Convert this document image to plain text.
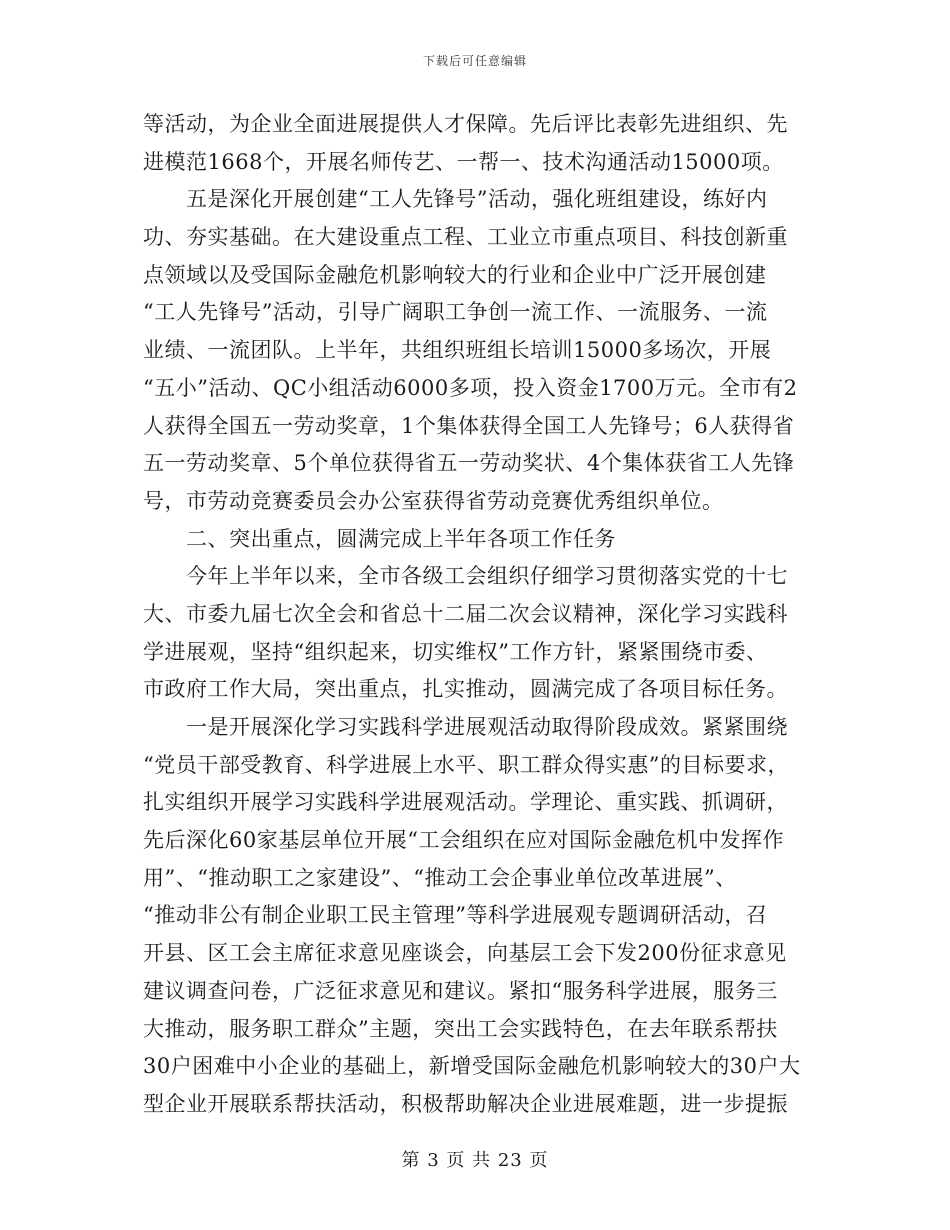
下载后可任意编辑
等活动，为企业全面进展提供人才保障。先后评比表彰先进组织、先
进模范1668个，开展名师传艺、一帮一、技术沟通活动15000项。
　　五是深化开展创建“工人先锋号”活动，强化班组建设，练好内
功、夯实基础。在大建设重点工程、工业立市重点项目、科技创新重
点领域以及受国际金融危机影响较大的行业和企业中广泛开展创建
“工人先锋号”活动，引导广阔职工争创一流工作、一流服务、一流
业绩、一流团队。上半年，共组织班组长培训15000多场次，开展
“五小”活动、QC小组活动6000多项，投入资金1700万元。全市有2
人获得全国五一劳动奖章，1个集体获得全国工人先锋号；6人获得省
五一劳动奖章、5个单位获得省五一劳动奖状、4个集体获省工人先锋
号，市劳动竞赛委员会办公室获得省劳动竞赛优秀组织单位。
　　二、突出重点，圆满完成上半年各项工作任务
　　今年上半年以来，全市各级工会组织仔细学习贯彻落实党的十七
大、市委九届七次全会和省总十二届二次会议精神，深化学习实践科
学进展观，坚持“组织起来，切实维权”工作方针，紧紧围绕市委、
市政府工作大局，突出重点，扎实推动，圆满完成了各项目标任务。
　　一是开展深化学习实践科学进展观活动取得阶段成效。紧紧围绕
“党员干部受教育、科学进展上水平、职工群众得实惠”的目标要求，
扎实组织开展学习实践科学进展观活动。学理论、重实践、抓调研，
先后深化60家基层单位开展“工会组织在应对国际金融危机中发挥作
用”、“推动职工之家建设”、“推动工会企事业单位改革进展”、
“推动非公有制企业职工民主管理”等科学进展观专题调研活动，召
开县、区工会主席征求意见座谈会，向基层工会下发200份征求意见
建议调查问卷，广泛征求意见和建议。紧扣“服务科学进展，服务三
大推动，服务职工群众”主题，突出工会实践特色，在去年联系帮扶
30户困难中小企业的基础上，新增受国际金融危机影响较大的30户大
型企业开展联系帮扶活动，积极帮助解决企业进展难题，进一步提振
第 3 页 共 23 页
